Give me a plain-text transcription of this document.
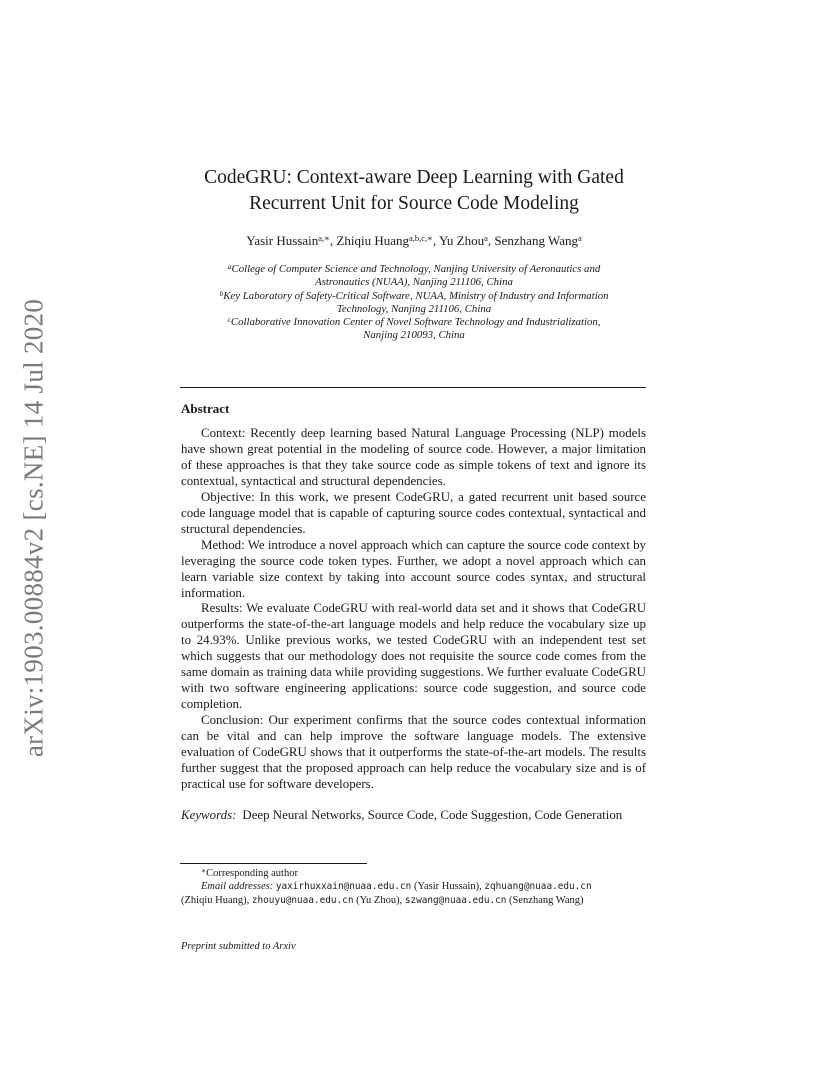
arXiv:1903.00884v2 [cs.NE] 14 Jul 2020
CodeGRU: Context-aware Deep Learning with Gated
Recurrent Unit for Source Code Modeling
Yasir Hussain$^{a,∗}$, Zhiqiu Huang$^{a,b,c,∗}$, Yu Zhou$^a$, Senzhang Wang$^a$
$^a$College of Computer Science and Technology, Nanjing University of Aeronautics and
Astronautics (NUAA), Nanjing 211106, China
$^b$Key Laboratory of Safety-Critical Software, NUAA, Ministry of Industry and Information
Technology, Nanjing 211106, China
$^c$Collaborative Innovation Center of Novel Software Technology and Industrialization,
Nanjing 210093, China
Abstract

Context: Recently deep learning based Natural Language Processing (NLP) models have shown great potential in the modeling of source code. However, a major limitation of these approaches is that they take source code as simple tokens of text and ignore its contextual, syntactical and structural dependencies.

Objective: In this work, we present CodeGRU, a gated recurrent unit based source code language model that is capable of capturing source codes contextual, syntactical and structural dependencies.

Method: We introduce a novel approach which can capture the source code context by leveraging the source code token types. Further, we adopt a novel approach which can learn variable size context by taking into account source codes syntax, and structural information.

Results: We evaluate CodeGRU with real-world data set and it shows that CodeGRU outperforms the state-of-the-art language models and help reduce the vocabulary size up to 24.93%. Unlike previous works, we tested CodeGRU with an independent test set which suggests that our methodology does not requisite the source code comes from the same domain as training data while providing suggestions. We further evaluate CodeGRU with two software engineering applications: source code suggestion, and source code completion.

Conclusion: Our experiment confirms that the source codes contextual information can be vital and can help improve the software language models. The extensive evaluation of CodeGRU shows that it outperforms the state-of-the-art models. The results further suggest that the proposed approach can help reduce the vocabulary size and is of practical use for software developers.

Keywords: Deep Neural Networks, Source Code, Code Suggestion, Code Generation
∗Corresponding author
Email addresses: yaxirhuxxain@nuaa.edu.cn (Yasir Hussain), zqhuang@nuaa.edu.cn
(Zhiqiu Huang), zhouyu@nuaa.edu.cn (Yu Zhou), szwang@nuaa.edu.cn (Senzhang Wang)
Preprint submitted to Arxiv
